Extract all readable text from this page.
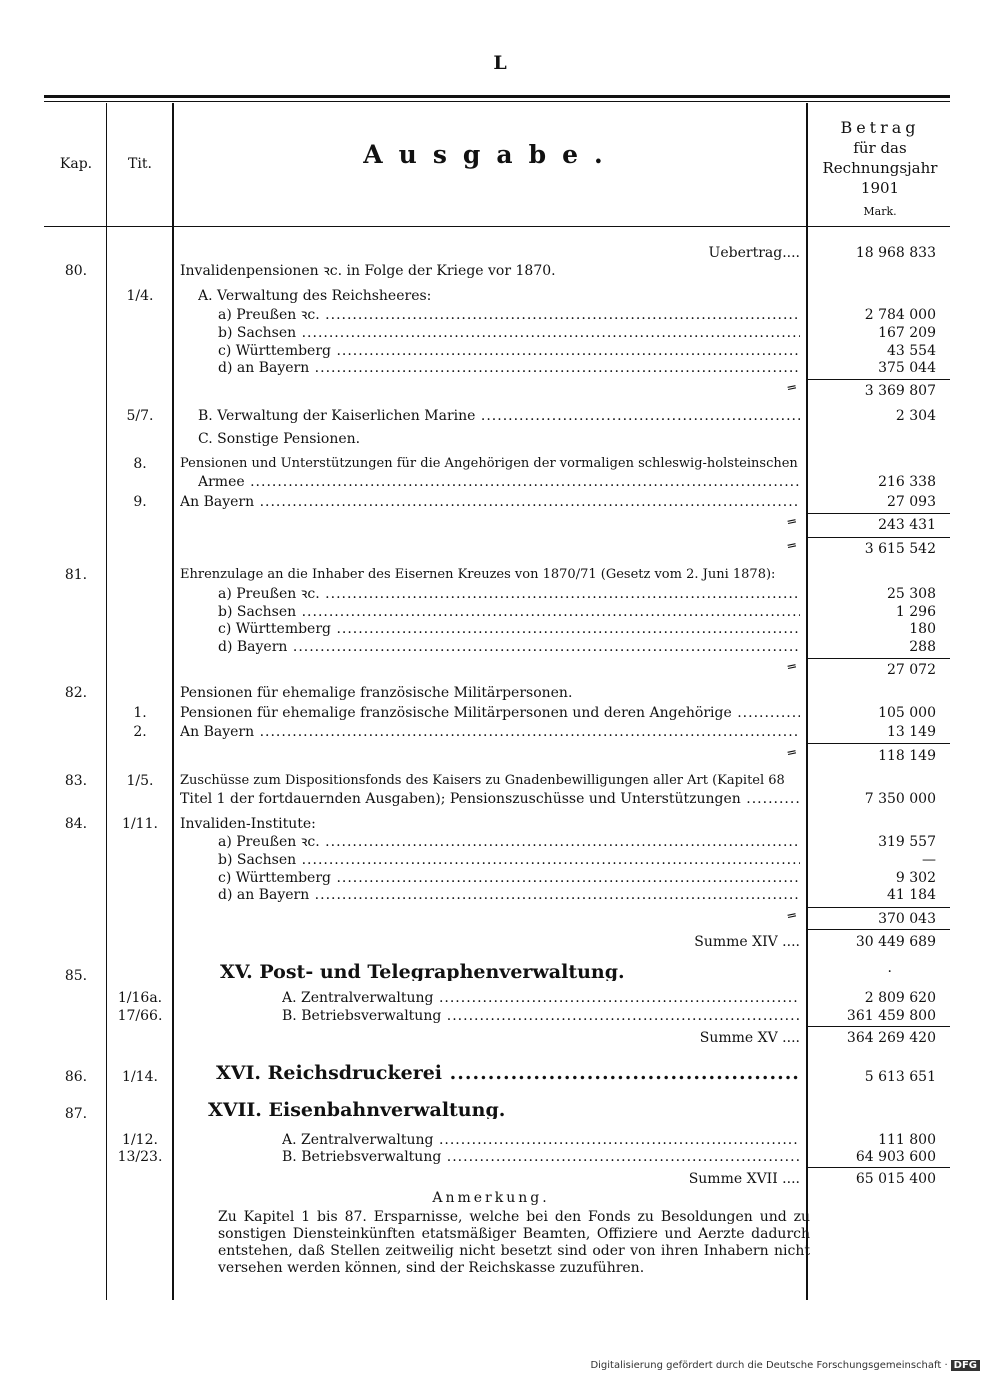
L
Kap.	Tit.	Ausgabe.
Betrag
für das
Rechnungsjahr
1901
Mark.
Uebertrag....	18 968 833
80.	Invalidenpensionen ꝛc. in Folge der Kriege vor 1870.
1/4.	A. Verwaltung des Reichsheeres:
a) Preußen ꝛc. .....	2 784 000
b) Sachsen .....	167 209
c) Württemberg .....	43 554
d) an Bayern .....	375 044
═	3 369 807
5/7.	B. Verwaltung der Kaiserlichen Marine .....	2 304
C. Sonstige Pensionen.
8.	Pensionen und Unterstützungen für die Angehörigen der vormaligen schleswig-holsteinschen
Armee .....	216 338
9.	An Bayern .....	27 093
═	243 431
═	3 615 542
81.	Ehrenzulage an die Inhaber des Eisernen Kreuzes von 1870/71 (Gesetz vom 2. Juni 1878):
a) Preußen ꝛc. .....	25 308
b) Sachsen .....	1 296
c) Württemberg .....	180
d) Bayern .....	288
═	27 072
82.	Pensionen für ehemalige französische Militärpersonen.
1.	Pensionen für ehemalige französische Militärpersonen und deren Angehörige .....	105 000
2.	An Bayern .....	13 149
═	118 149
83.	1/5.	Zuschüsse zum Dispositionsfonds des Kaisers zu Gnadenbewilligungen aller Art (Kapitel 68
Titel 1 der fortdauernden Ausgaben); Pensionszuschüsse und Unterstützungen .....	7 350 000
84.	1/11.	Invaliden-Institute:
a) Preußen ꝛc. .....	319 557
b) Sachsen .....	—
c) Württemberg .....	9 302
d) an Bayern .....	41 184
═	370 043
Summe XIV ....	30 449 689
85.	XV. Post- und Telegraphenverwaltung.	·
1/16a.	A. Zentralverwaltung .....	2 809 620
17/66.	B. Betriebsverwaltung .....	361 459 800
Summe XV ....	364 269 420
86.	1/14.	XVI. Reichsdruckerei .....	5 613 651
87.	XVII. Eisenbahnverwaltung.
1/12.	A. Zentralverwaltung .....	111 800
13/23.	B. Betriebsverwaltung .....	64 903 600
Summe XVII ....	65 015 400
Anmerkung.
Zu Kapitel 1 bis 87. Ersparnisse, welche bei den Fonds zu Besoldungen und zu sonstigen Diensteinkünften etatsmäßiger Beamten, Offiziere und Aerzte dadurch entstehen, daß Stellen zeitweilig nicht besetzt sind oder von ihren Inhabern nicht versehen werden können, sind der Reichskasse zuzuführen.
Digitalisierung gefördert durch die Deutsche Forschungsgemeinschaft · DFG
